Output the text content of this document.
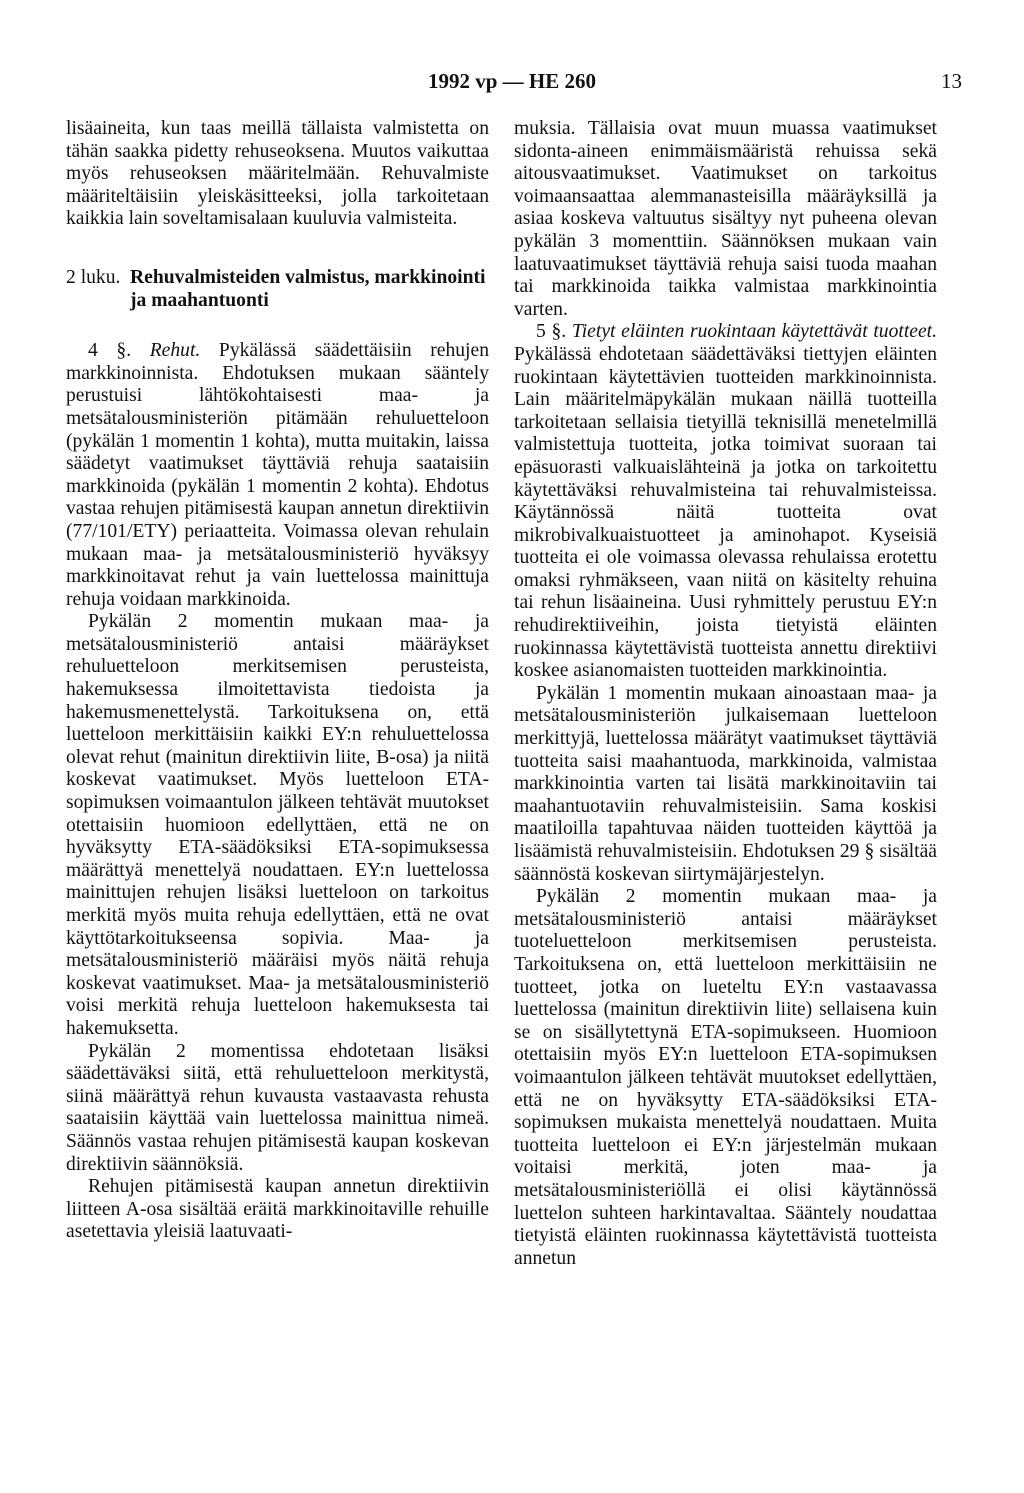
1992 vp — HE 260	13

lisäaineita, kun taas meillä tällaista valmistetta on tähän saakka pidetty rehuseoksena. Muutos vaikuttaa myös rehuseoksen määritelmään. Rehuvalmiste määriteltäisiin yleiskäsitteeksi, jolla tarkoitetaan kaikkia lain soveltamisalaan kuuluvia valmisteita.

2 luku. Rehuvalmisteiden valmistus, markkinointi ja maahantuonti

4 §. Rehut. Pykälässä säädettäisiin rehujen markkinoinnista. Ehdotuksen mukaan sääntely perustuisi lähtökohtaisesti maa- ja metsätalousministeriön pitämään rehuluetteloon (pykälän 1 momentin 1 kohta), mutta muitakin, laissa säädetyt vaatimukset täyttäviä rehuja saataisiin markkinoida (pykälän 1 momentin 2 kohta). Ehdotus vastaa rehujen pitämisestä kaupan annetun direktiivin (77/101/ETY) periaatteita. Voimassa olevan rehulain mukaan maa- ja metsätalousministeriö hyväksyy markkinoitavat rehut ja vain luettelossa mainittuja rehuja voidaan markkinoida.

Pykälän 2 momentin mukaan maa- ja metsätalousministeriö antaisi määräykset rehuluetteloon merkitsemisen perusteista, hakemuksessa ilmoitettavista tiedoista ja hakemusmenettelystä. Tarkoituksena on, että luetteloon merkittäisiin kaikki EY:n rehuluettelossa olevat rehut (mainitun direktiivin liite, B-osa) ja niitä koskevat vaatimukset. Myös luetteloon ETA-sopimuksen voimaantulon jälkeen tehtävät muutokset otettaisiin huomioon edellyttäen, että ne on hyväksytty ETA-säädöksiksi ETA-sopimuksessa määrättyä menettelyä noudattaen. EY:n luettelossa mainittujen rehujen lisäksi luetteloon on tarkoitus merkitä myös muita rehuja edellyttäen, että ne ovat käyttötarkoitukseensa sopivia. Maa- ja metsätalousministeriö määräisi myös näitä rehuja koskevat vaatimukset. Maa- ja metsätalousministeriö voisi merkitä rehuja luetteloon hakemuksesta tai hakemuksetta.

Pykälän 2 momentissa ehdotetaan lisäksi säädettäväksi siitä, että rehuluetteloon merkitystä, siinä määrättyä rehun kuvausta vastaavasta rehusta saataisiin käyttää vain luettelossa mainittua nimeä. Säännös vastaa rehujen pitämisestä kaupan koskevan direktiivin säännöksiä.

Rehujen pitämisestä kaupan annetun direktiivin liitteen A-osa sisältää eräitä markkinoitaville rehuille asetettavia yleisiä laatuvaati-

muksia. Tällaisia ovat muun muassa vaatimukset sidonta-aineen enimmäismääristä rehuissa sekä aitousvaatimukset. Vaatimukset on tarkoitus voimaansaattaa alemmanasteisilla määräyksillä ja asiaa koskeva valtuutus sisältyy nyt puheena olevan pykälän 3 momenttiin. Säännöksen mukaan vain laatuvaatimukset täyttäviä rehuja saisi tuoda maahan tai markkinoida taikka valmistaa markkinointia varten.

5 §. Tietyt eläinten ruokintaan käytettävät tuotteet. Pykälässä ehdotetaan säädettäväksi tiettyjen eläinten ruokintaan käytettävien tuotteiden markkinoinnista. Lain määritelmäpykälän mukaan näillä tuotteilla tarkoitetaan sellaisia tietyillä teknisillä menetelmillä valmistettuja tuotteita, jotka toimivat suoraan tai epäsuorasti valkuaislähteinä ja jotka on tarkoitettu käytettäväksi rehuvalmisteina tai rehuvalmisteissa. Käytännössä näitä tuotteita ovat mikrobivalkuaistuotteet ja aminohapot. Kyseisiä tuotteita ei ole voimassa olevassa rehulaissa erotettu omaksi ryhmäkseen, vaan niitä on käsitelty rehuina tai rehun lisäaineina. Uusi ryhmittely perustuu EY:n rehudirektiiveihin, joista tietyistä eläinten ruokinnassa käytettävistä tuotteista annettu direktiivi koskee asianomaisten tuotteiden markkinointia.

Pykälän 1 momentin mukaan ainoastaan maa- ja metsätalousministeriön julkaisemaan luetteloon merkittyjä, luettelossa määrätyt vaatimukset täyttäviä tuotteita saisi maahantuoda, markkinoida, valmistaa markkinointia varten tai lisätä markkinoitaviin tai maahantuotaviin rehuvalmisteisiin. Sama koskisi maatiloilla tapahtuvaa näiden tuotteiden käyttöä ja lisäämistä rehuvalmisteisiin. Ehdotuksen 29 § sisältää säännöstä koskevan siirtymäjärjestelyn.

Pykälän 2 momentin mukaan maa- ja metsätalousministeriö antaisi määräykset tuoteluetteloon merkitsemisen perusteista. Tarkoituksena on, että luetteloon merkittäisiin ne tuotteet, jotka on lueteltu EY:n vastaavassa luettelossa (mainitun direktiivin liite) sellaisena kuin se on sisällytettynä ETA-sopimukseen. Huomioon otettaisiin myös EY:n luetteloon ETA-sopimuksen voimaantulon jälkeen tehtävät muutokset edellyttäen, että ne on hyväksytty ETA-säädöksiksi ETA-sopimuksen mukaista menettelyä noudattaen. Muita tuotteita luetteloon ei EY:n järjestelmän mukaan voitaisi merkitä, joten maa- ja metsätalousministeriöllä ei olisi käytännössä luettelon suhteen harkintavaltaa. Sääntely noudattaa tietyistä eläinten ruokinnassa käytettävistä tuotteista annetun
